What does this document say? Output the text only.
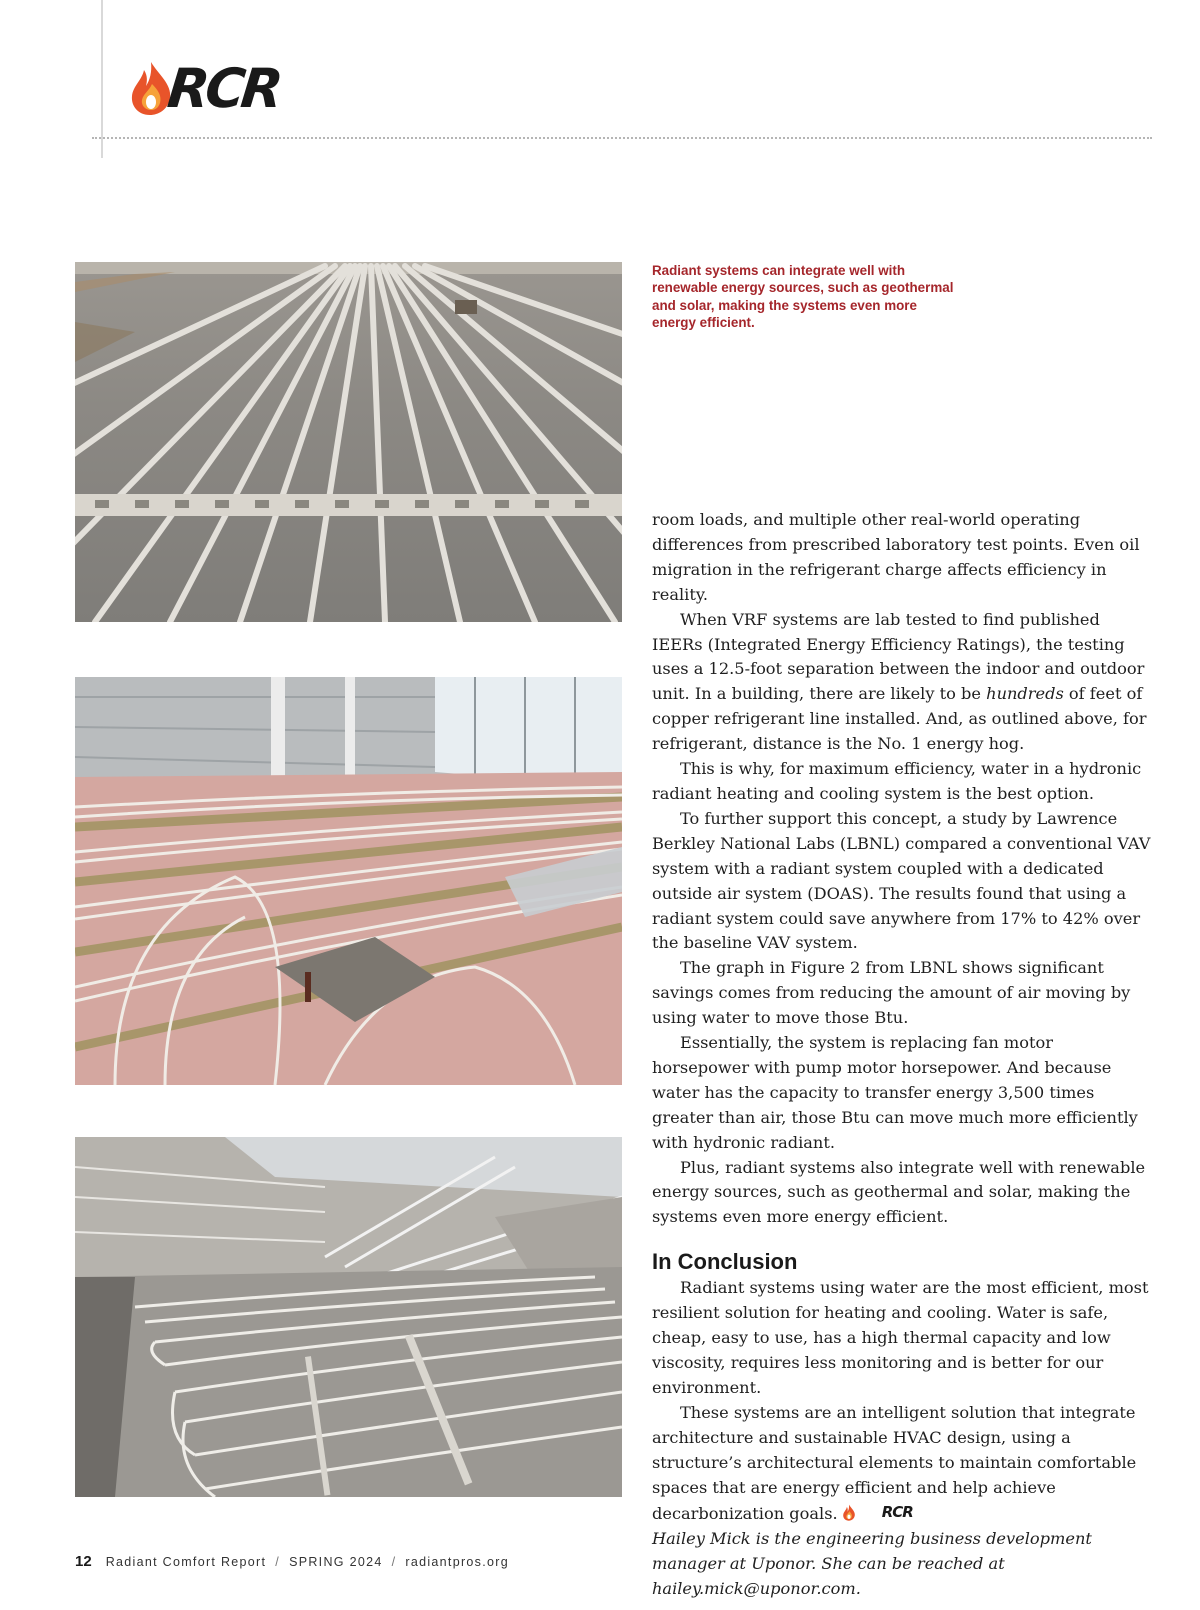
RCR
Radiant systems can integrate well with renewable energy sources, such as geothermal and solar, making the systems even more energy efficient.

room loads, and multiple other real-world operating differences from prescribed laboratory test points. Even oil migration in the refrigerant charge affects efficiency in reality.

When VRF systems are lab tested to find published IEERs (Integrated Energy Efficiency Ratings), the testing uses a 12.5-foot separation between the indoor and outdoor unit. In a building, there are likely to be hundreds of feet of copper refrigerant line installed. And, as outlined above, for refrigerant, distance is the No. 1 energy hog.

This is why, for maximum efficiency, water in a hydronic radiant heating and cooling system is the best option.

To further support this concept, a study by Lawrence Berkley National Labs (LBNL) compared a conventional VAV system with a radiant system coupled with a dedicated outside air system (DOAS). The results found that using a radiant system could save anywhere from 17% to 42% over the baseline VAV system.

The graph in Figure 2 from LBNL shows significant savings comes from reducing the amount of air moving by using water to move those Btu.

Essentially, the system is replacing fan motor horsepower with pump motor horsepower. And because water has the capacity to transfer energy 3,500 times greater than air, those Btu can move much more efficiently with hydronic radiant.

Plus, radiant systems also integrate well with renewable energy sources, such as geothermal and solar, making the systems even more energy efficient.

In Conclusion

Radiant systems using water are the most efficient, most resilient solution for heating and cooling. Water is safe, cheap, easy to use, has a high thermal capacity and low viscosity, requires less monitoring and is better for our environment.

These systems are an intelligent solution that integrate architecture and sustainable HVAC design, using a structure’s architectural elements to maintain comfortable spaces that are energy efficient and help achieve decarbonization goals.	RCR

Hailey Mick is the engineering business development manager at Uponor. She can be reached at hailey.mick@uponor.com.

12 Radiant Comfort Report / SPRING 2024 / radiantpros.org
